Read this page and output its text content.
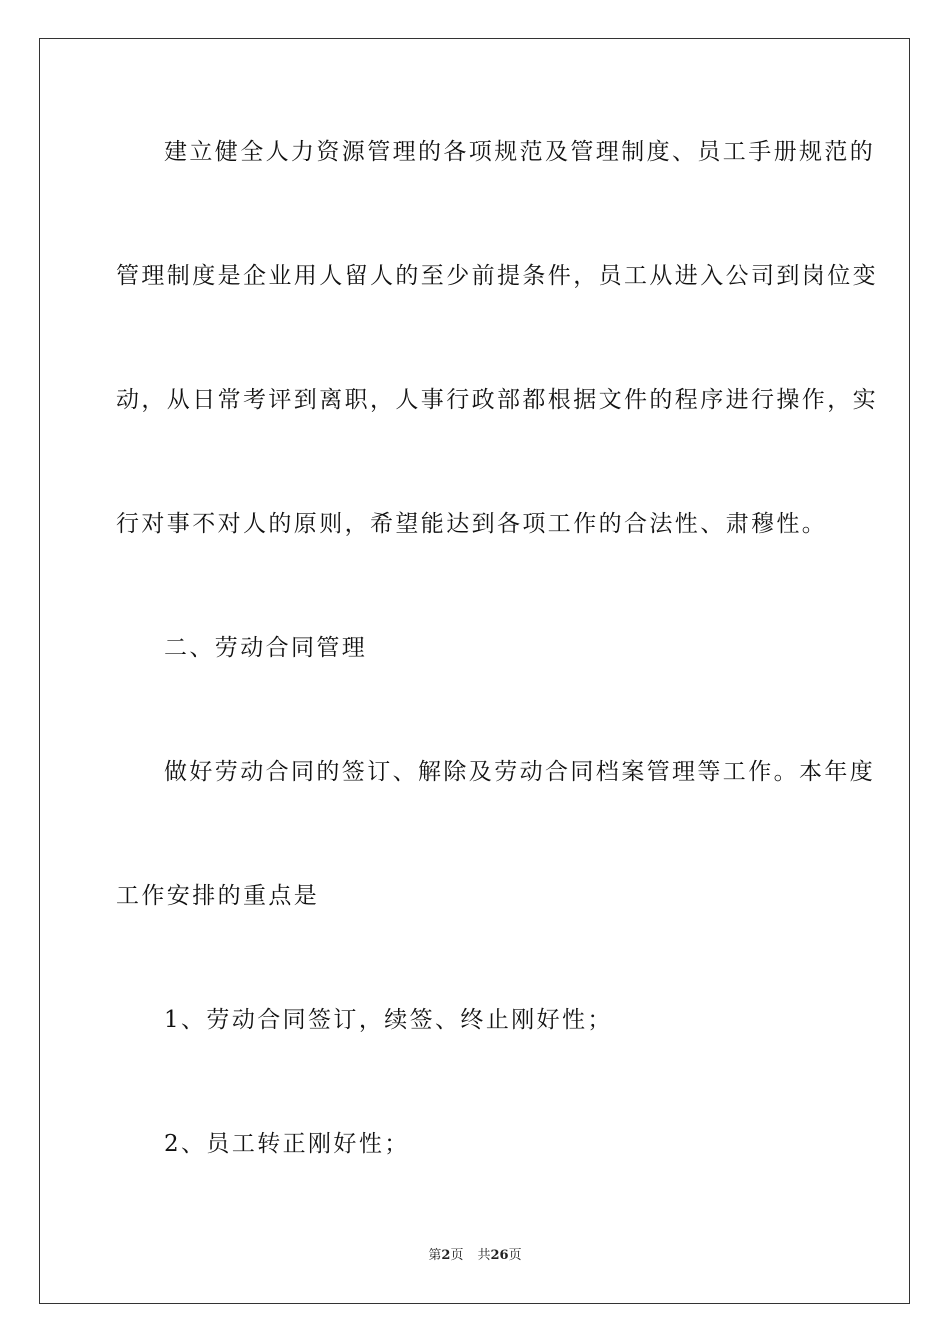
建立健全人力资源管理的各项规范及管理制度、员工手册规范的
管理制度是企业用人留人的至少前提条件，员工从进入公司到岗位变
动，从日常考评到离职，人事行政部都根据文件的程序进行操作，实
行对事不对人的原则，希望能达到各项工作的合法性、肃穆性。
二、劳动合同管理
做好劳动合同的签订、解除及劳动合同档案管理等工作。本年度
工作安排的重点是
1、劳动合同签订，续签、终止刚好性；
2、员工转正刚好性；
第2页 共26页
